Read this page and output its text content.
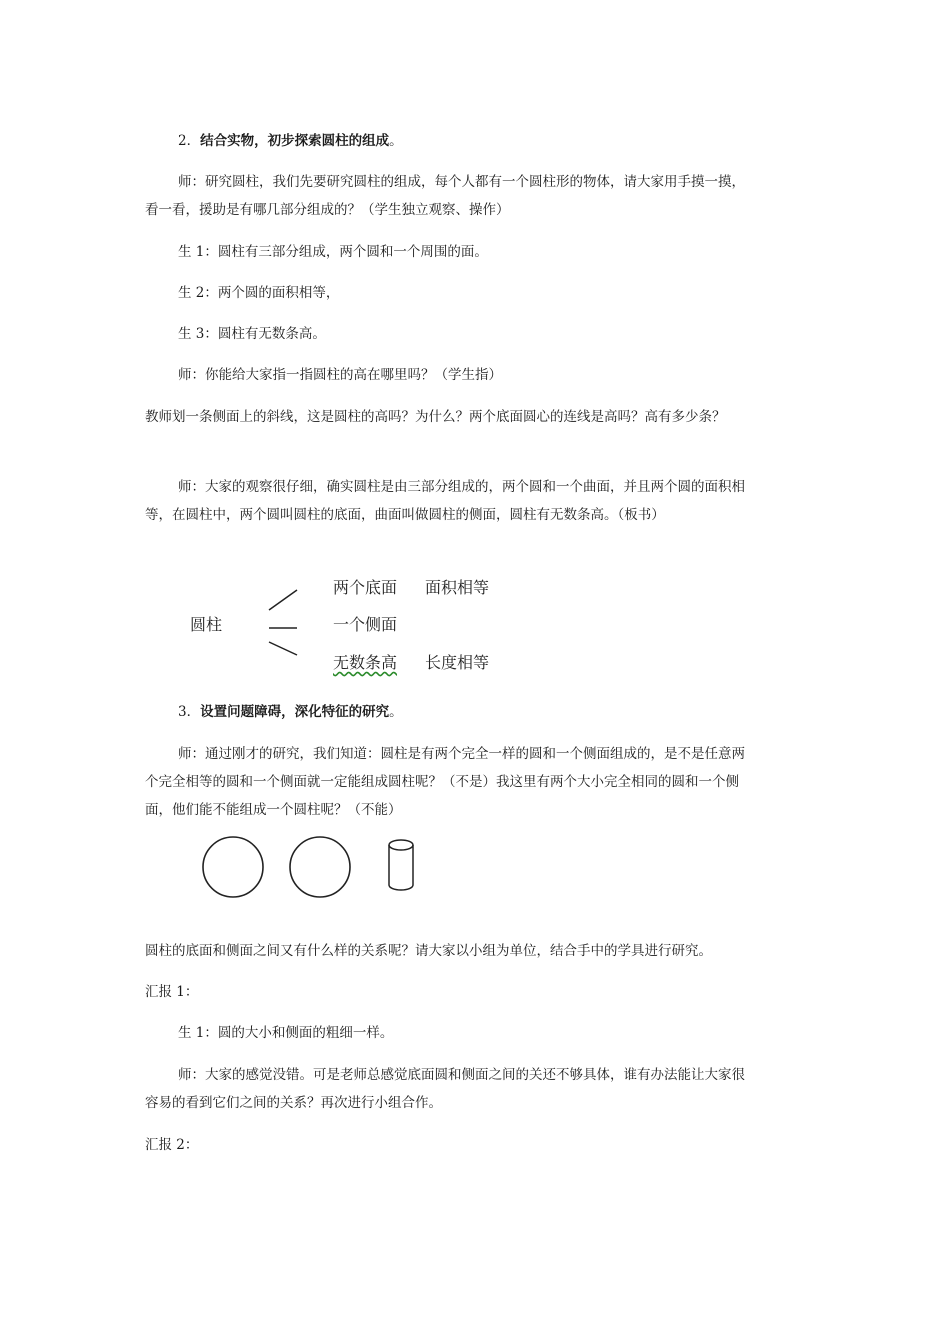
2．结合实物，初步探索圆柱的组成。

师：研究圆柱，我们先要研究圆柱的组成，每个人都有一个圆柱形的物体，请大家用手摸一摸，看一看，援助是有哪几部分组成的？（学生独立观察、操作）

生 1：圆柱有三部分组成，两个圆和一个周围的面。

生 2：两个圆的面积相等，

生 3：圆柱有无数条高。

师：你能给大家指一指圆柱的高在哪里吗？（学生指）

教师划一条侧面上的斜线，这是圆柱的高吗？为什么？两个底面圆心的连线是高吗？高有多少条？

师：大家的观察很仔细，确实圆柱是由三部分组成的，两个圆和一个曲面，并且两个圆的面积相等，在圆柱中，两个圆叫圆柱的底面，曲面叫做圆柱的侧面，圆柱有无数条高。（板书）

圆柱
两个底面 面积相等
一个侧面
无数条高 长度相等

3．设置问题障碍，深化特征的研究。

师：通过刚才的研究，我们知道：圆柱是有两个完全一样的圆和一个侧面组成的，是不是任意两个完全相等的圆和一个侧面就一定能组成圆柱呢？（不是）我这里有两个大小完全相同的圆和一个侧面，他们能不能组成一个圆柱呢？（不能）

圆柱的底面和侧面之间又有什么样的关系呢？请大家以小组为单位，结合手中的学具进行研究。

汇报 1：

生 1：圆的大小和侧面的粗细一样。

师：大家的感觉没错。可是老师总感觉底面圆和侧面之间的关还不够具体，谁有办法能让大家很容易的看到它们之间的关系？再次进行小组合作。

汇报 2：
